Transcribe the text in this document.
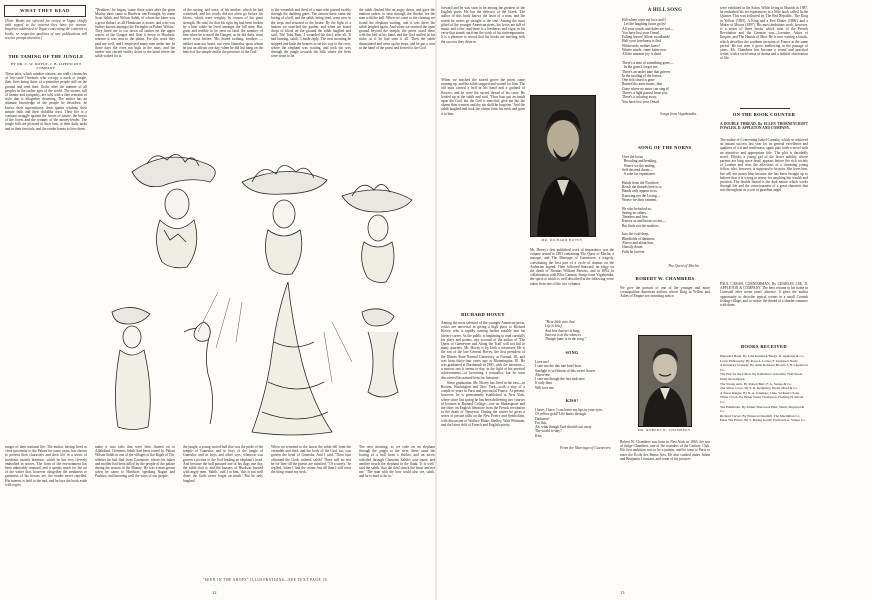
WHAT THEY READ

[Note. Books are selected for review in Vogue chiefly with regard to the interest they have for women. Inquiries addressed to Vogue concerning the contents of books, or respective qualities of new publications will receive prompt attention.]

THE TAMING OF THE JUNGLE
BY DR. C. W. DOYLE. J. B. LIPPINCOTT COMPANY

These tales, which number sixteen, are really chronicles of low-caste Orientals who occupy a nook of jungle, their lives being those of a primitive people still on the ground and tend their flocks after the manner of all peoples in the earlier ages of the world. The stories, full of humor and sympathy, are told with a fine restraint of style that is altogether charming. The author has an intimate knowledge of the people he describes; he knows their superstitions, their quaint wisdom, their simple faith and their childlike trust. Their life is a constant struggle against the forces of nature, the beasts of the forest and the tyranny of the money-lender. The jungle folk are pictured in their huts, at their daily tasks and in their festivals, and the reader learns to love them.

"'Brothers,' he began, 'some three years after the great Mutiny there came to Hurdwar one Feringhi, by name Scott Sahib, and Wilson Sahib, of whom the latter was a great shikari, as all Hindustan is aware, and who was further known amongst the Feringhis as Pahari Wilson.' They hired me to cut down all timber on the upper waters of the Ganges and float it down to Hurdwar, whence it was sent to the plains. For this work they paid me well, and I employed many men under me. In those days the river ran high in the rains, and the timber was carried swiftly down to the bend where the sahib waited for it.

of the saying, and were, of his mother, which he had witnessed; and his words did not often go before his blows, which were weighty by reason of his great strength. He said, for that his right leg had been broken by a bear while he lived amongst the hill men. But, great and terrible to be seen on land, the monkey of him when he crossed the Ganges, as he did daily, must never cross before. 'His feared nothing, brothers — neither man nor beast, nor even Gunesha, upon whom he put an affront one day, when he did but hang on the bench of the temple and in the presence of the God.'

to the verandah and fired of a man who passed swiftly through the darkling gates. The answer there came the loving of a bell; and the sahib, being tired, went over to the steps and returned to the house. By the light of a lantern we searched the garden, and when we found drops of blood on the ground the sahib laughed and said, 'Ah! Tulsi Ram,' I wounded the thief, after all. 'It had hunting, sahib,' I made reply. The next morning he stopped and bade the bearers to set his way to the river, where the elephant was waiting, and took the way through the jungle towards the hills where the lions were wont to lie.

the sahib flushed like an angry dawn, and gave the mahout orders to beat through the thicket for the man with the bell. When we came to the clearing we found the elephant waiting, and it was there the sahib laughed again. And when we reached the open ground beyond the temple, the priest stood there with the bell in his hand, and the God smiled in his niche as if he had seen it all. Then the sahib dismounted and went up the steps, and he put a coin in the hand of the priest and bowed to the God.

ranges of their national life. The author, having lived in close proximity to the Pahars for some years, has chosen to present their characters and their life in a series of incidents, mainly dramatic, which he has very cleverly embodied in stories. The form of the environment has been admirably retained, and it speaks much for the art of the writer that, however altogether the weakness or greatness of his heroes are, the reader never repelled. His interest is held to the end, and he lays the book aside with regret.

make it into rafts that were then floated on to Allahabad. Clements Sahib had been found by Pahari Wilson Sahib in one of the villages of the Rajah of Tiri, whither he had fled from Cawnpore, where his father and mother had been killed by the people of the palace during the season of the Mutiny. He was a man grown when he came to Hurdwar, speaking Nagari and Pushtoo, and knowing well the ways of our people.

the jungle, a young sacred bull that was the pride of the temple of Gunesha; and in boys of the jungle of Gunesha; and in boys and other toys, whereon was graven a picture of the God leading an elephant's head. And because the bull pursued one of his dogs one day, the sahib shot it; and the bazaars of Hurdwar buzzed with angry men. 'Sahib,' said I to him, 'this is not well done; the Gods never forget an insult.' But he only laughed.

When we returned to the house the sahib fell from the verandah and died, and the body of the God, too, was graven the head of Gunesha. And I said, 'Thou hast affronted the Gods, indeed, sahib!' There will no rest be for thee till the priests are satisfied.' 'Of a surety,' he replied, 'when I find the owner; but till then I will wear the thing round my neck.'

The next morning, as we rode on an elephant through the jungle to the river, there came the lowing of a bull from a thicket, and an arrow whistled through Clements Sahib's sola topee, and another struck the elephant in the flank. 'It is well,' said the sahib, 'that the thief struck the beast and not me.' 'The man with the bow could also see, sahib, and he is mad to do so.'

"SEEN IN THE SHOPS" ILLUSTRATIONS—SEE TEXT PAGE 10
12

forward and he was soon to be among the greatest of the English poets. He has the delicacy of the Greek. The author of this book knows the heart of a man, and the words he writes go straight to the soul. Among the most gifted of the younger American poets, his lyrics are full of music and color, and there is a freshness and vigor in his verse that stands out from the work of his contemporaries. It is a pleasure to record that his books are meeting with the success they deserve.

'When we reached the sacred grove the priest came running up, and the sahib stopped and waited for him. The old man carried a bell in his hand and a garland of flowers, and he wore the sacred thread of his caste. He looked up at the sahib and said, 'Thou hast put an insult upon the God, but the God is merciful; give me but the charm thou wearest and thy sin shall be forgiven.' And the sahib laughed and took the charm from his neck and gave it to him.

MR. RICHARD HOVEY
RICHARD HOVEY

Among the most talented of the younger American poets, critics are universal in giving a high place to Richard Hovey, who is rapidly coming further notably into his literary career. As the public is beginning to read carefully his plays and poems, any account of the author of 'The Quest of Guenevere and Along the Trail' will not fail in many quarters. Mr. Hovey is by birth a westerner. He is the son of the late General Hovey, the first president of the Illinois State Normal University, at Normal, Ill., and was born thirty-four years ago at Bloomington, Ill. He was graduated at Dartmouth in 1885, with the intention—a curious one it seems to-day, in the light of his poetical achievements—of becoming a naturalist; but he soon discovered his natural bent for literature.

Since graduation, Mr. Hovey has lived in the east—in Boston, Washington and New York—with a stay of a couple of years in Paris and provincial France. At present, however, he is permanently established in New York, where since last spring he has been delivering two courses of lectures at Barnard College—one on Shakespeare and the other on English literature from the French revolution to the death of Tennyson. During the winter he gives a series of private talks on the New Poetry and Symbolism, with discussion of Wallace Blake, Shelley, Walt Whitman, and the latest drift of French and English poetry.

Mr. Hovey's first published work of importance was the volume issued in 1891 containing The Quest of Merlin, a masque, and The Marriage of Guenevere, a tragedy, constituting the first part of a cycle of dramas on the Arthurian legend. Then followed Seaward, an elegy on the death of Thomas William Parsons, and in 1894, in collaboration with Bliss Carman, Songs from Vagabondia, the spirit of which is well described in the following verse taken from one of the two volumes.

"Here little care that
Life is brief,
And less that art is long,
Success is in the silences
Though fame is in the song."
SONG
Love me!
I care not the this one brief hour
Sunlight is yet bloom of this sweet flower
Above me.
I care not though the fast sink now
If only thou
Wilt love me.
KISS!
I have, I have, I can leave my lips in your eyes.
Of yellow gold! Life burns through
Darkness!
For this,
Ah, what though God should cast away
The world to-day?
Kiss.
From the Marriage of Guenevere.
A HILL SONG
Hill where once my love and I
Let the laughing hours go by!
All your woods and dales are sad—
You have lost your Oread.
Falling leaves! Silent woodlands!
Half your loveliness is fled.
Wildwoods, neither knew!
Winter winds, come bitter now
All the summer joy is dead.

There's a note of something gone—
In the grass I forgot me.
There's an under tone that grieves
In the rustling of the leaves.
One rich chord is gone
Ruined the aster music, that
Gone where no moor can sing it!
There's a light passed from you,
There's a coloring away,
You have lost your Oread.
Songs from Vagabondia.
SONG OF THE NORNS
Over the loom
Brooding and bending,
Weave we the ending,
Self-decreed doom—
A robe for repentance.

Hands from the Nowhere
Reach the threads here to u;
Hands only appear to us,
Knowing not the Living—
Weave we their raiment.

He who befooled us,
Seeing no others,
Timeless and free,
Knows us and knows us not—
But finds not the mothers.

Into the void deep,
Blindfolds of darkness
Above and about him,
Ghostly doom
Falls he forever.
The Quest of Merlin.
ROBERT W. CHAMBERS

We give the portrait of one of the younger and more cosmopolitan American authors whose King in Yellow and Ashes of Empire are attracting notice.

MR. ROBERT W. CHAMBERS

Robert W. Chambers was born in New York in 1865, the son of Judge Chambers, one of the founders of the Century Club. His first ambition was to be a painter, and he went to Paris to enter the École des Beaux Arts. He also studied under Julien and Benjamin Constant, and some of his pictures

were exhibited in the Salon. While living in Munich in 1887, he embodied his art experiences in a little book called In the Quarter. This was followed by The Red Republic, The King in Yellow (1895), A King and a Few Dukes (1896), and a Maker of Moons (1897). His most ambitious work, however, is a series of three books which treat of the French Revolution and the German war—Lorraine, Ashes of Empire, and The Haunts of Men. He is now writing a fourth, which describes the southern invasion of France at the same period. He has seen it grow, mellowing in the passage of years. Mr. Chambers has become a sound and practical writer, with a vivid sense of drama and a faithful observation of life.

ON THE BOOK COUNTER

A DOUBLE THREAD. By ELLEN THORNEYCROFT FOWLER. D. APPLETON AND COMPANY.

The author of Concerning Isabel Carnaby, which so achieved an instant success last year for its general excellence and qualities of wit and tenderness, again puts forth a novel with an attractive and appropriate title. The plot is decidedly novel. Elfrida, a young girl of the lesser nobility whose parents are long since dead, appears before the rich society of London and wins the affections of a charming young fellow, who, however, is supposed to be poor. She loves him, but will not marry him because she has been brought up to believe that it is wrong to marry for anything but wealth and position. The double thread is the dual nature which works through life and the consciousness of a great character that acts throughout as a sort of guardian angel.

PAUL CARAH, CORNISHMAN. By CHARLES LEE. D. APPLETON & COMPANY. The hero returns to his home in Cornwall after seven years' absence. It gives the author opportunity to describe typical scenes in a small Cornish fishing-village, and to weave the thread of a slender romance with them.

BOOKS RECEIVED
Pharaoh's Hand. By John Kendrick Bangs. D. Appleton & Co.
Loves Philosophy. By Rosa A. Locke; F. Tennyson Neely.
A Kentucky Comedy. By Anna Robeson Brown. J. B. Lippincott Co.
The War for the Union. By Kimahan Cornwallis; Wall Street Daily Investigator.
The Strong Arm. By Robert Barr; F. A. Stokes & Co.
The Silver Cross. By S. R. Keightley; Dodd, Mead & Co.
A Texas Ranger. By N. A. Jennings; Chas. Scribner's Sons.
White Crook. By Helen Stuart Thompson; Fleming H. Revell Co.
The Pathfinder. By Arthur Sherwood Platt; Small, Maynard & Co.
Richard Carvel. By Winston Churchill. The Macmillan Co.
False The Prince. By S. Baring Gould; Frederick A. Stokes Co.
13
